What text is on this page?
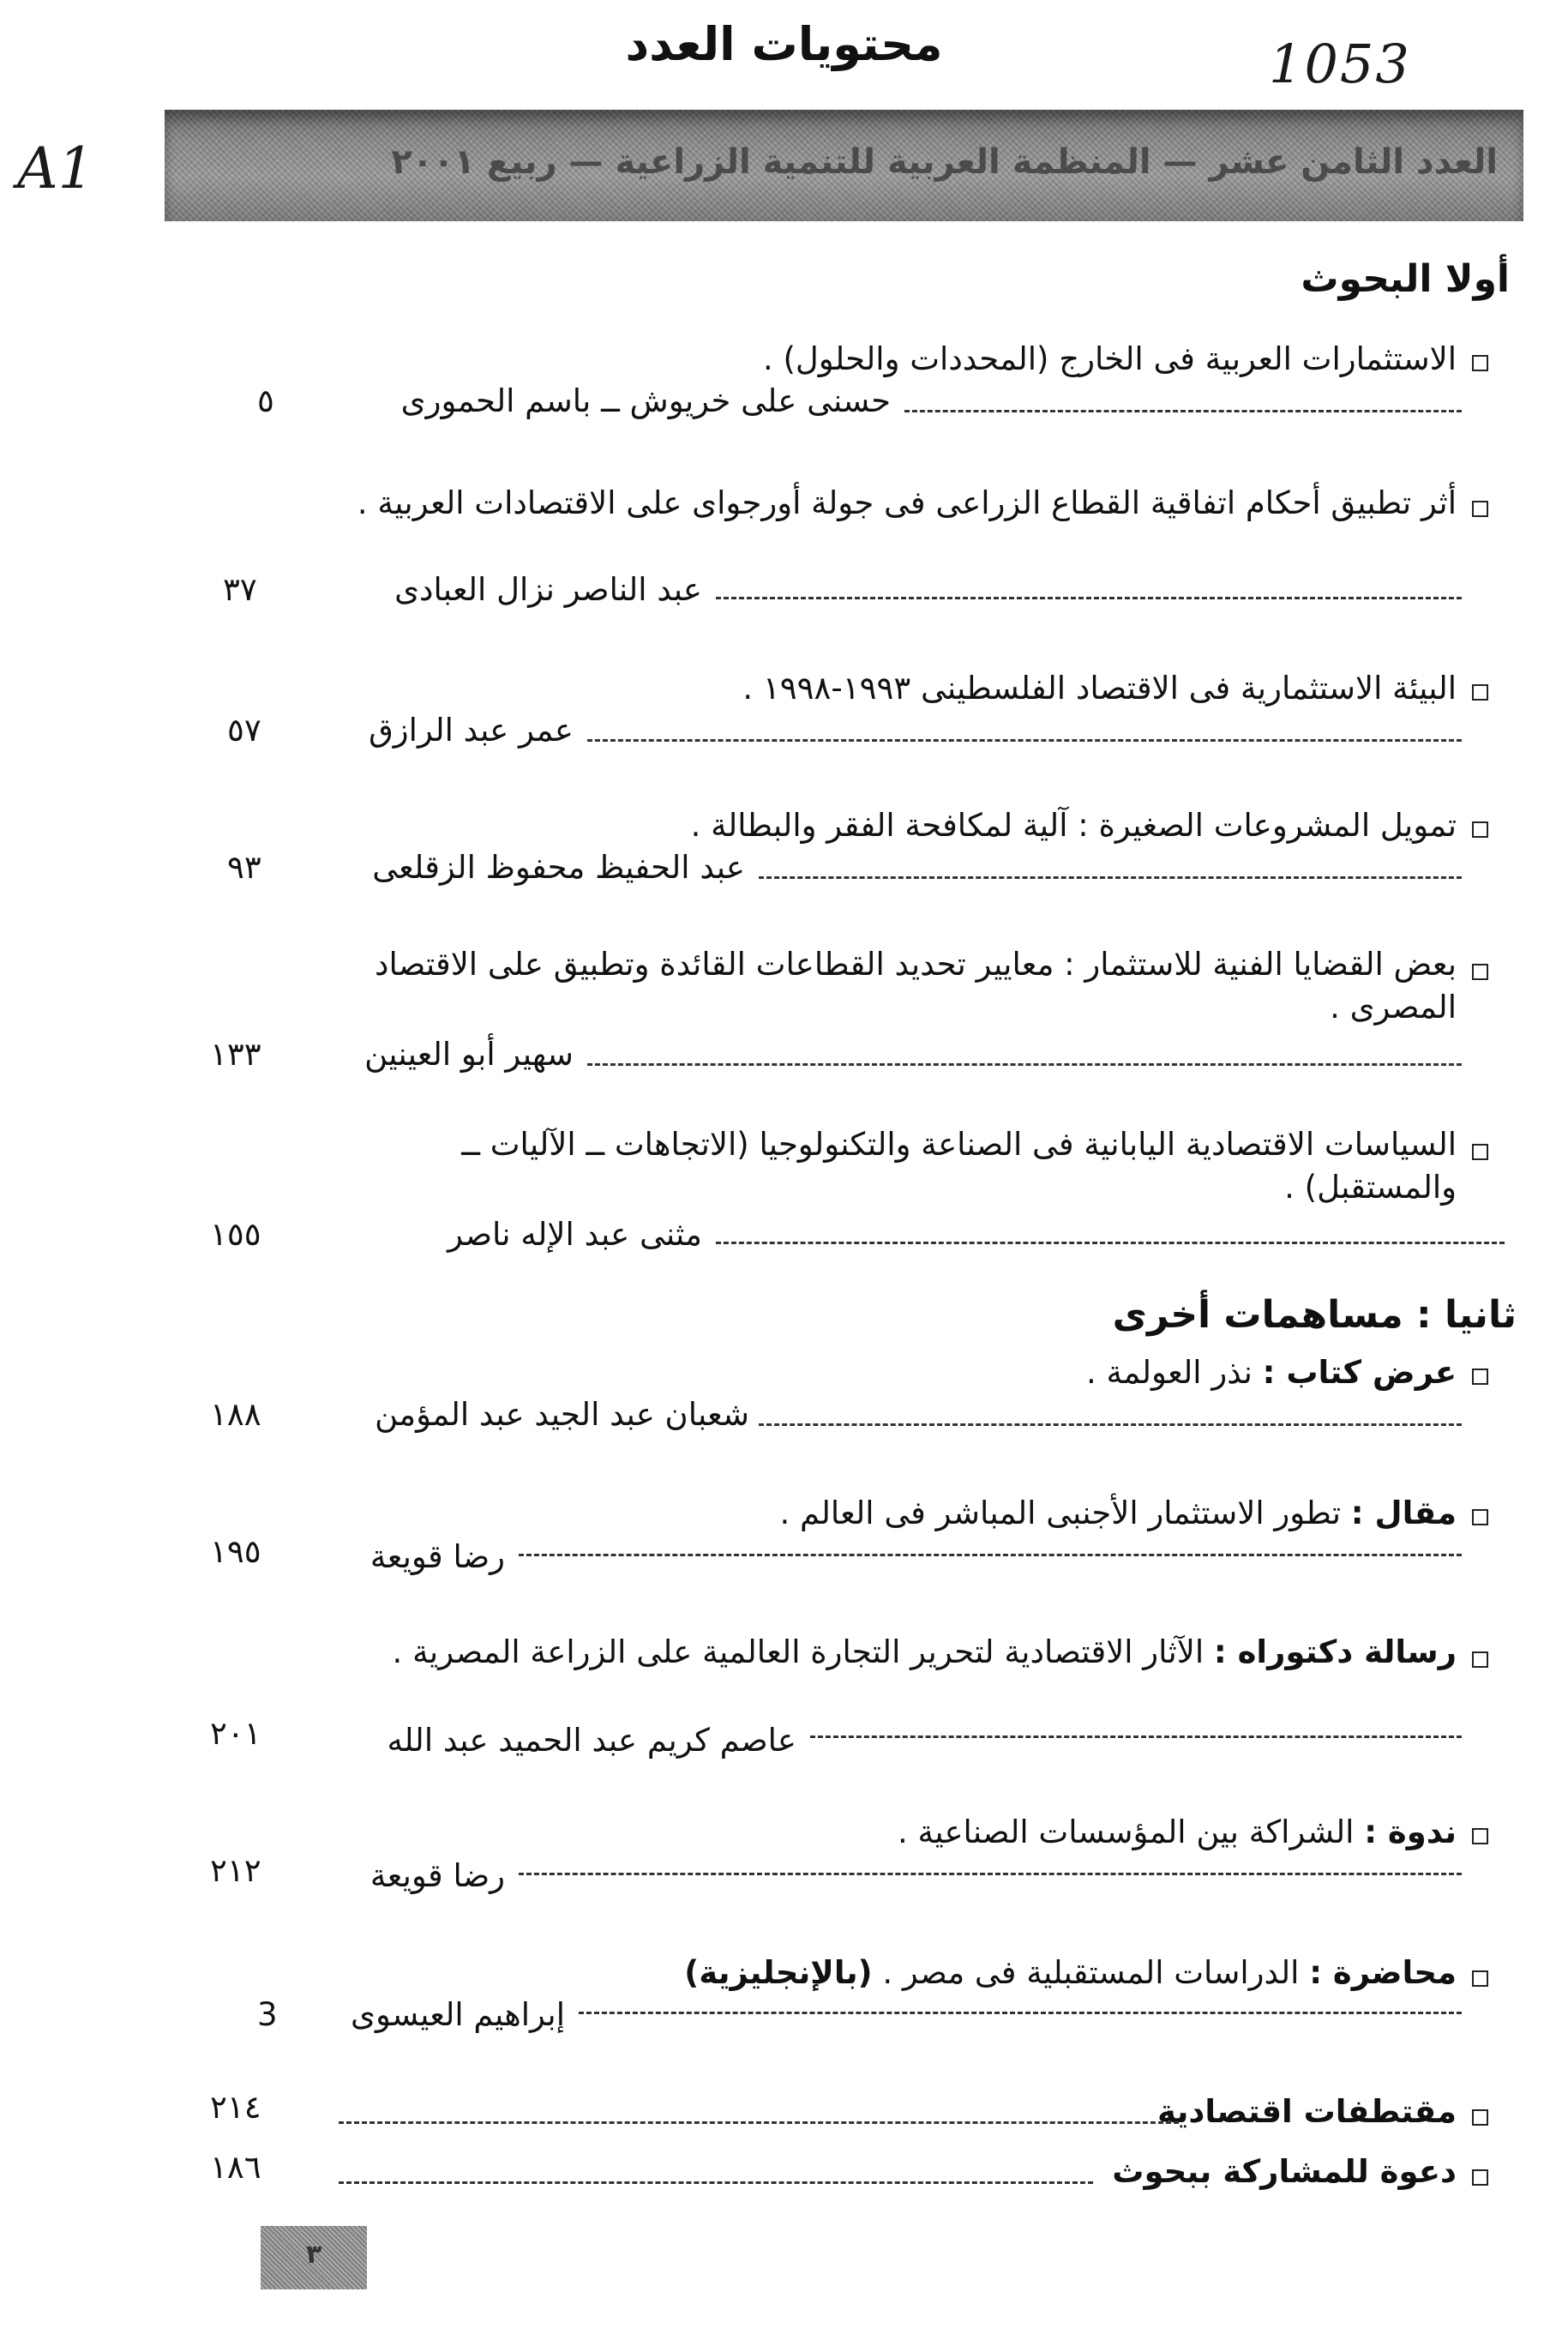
محتويات العدد	1053
A1	العدد الثامن عشر — المنظمة العربية للتنمية الزراعية — ربيع ٢٠٠١
أولا البحوث
الاستثمارات العربية فى الخارج (المحددات والحلول) .
حسنى على خريوش ــ باسم الحمورى
٥
أثر تطبيق أحكام اتفاقية القطاع الزراعى فى جولة أورجواى على الاقتصادات العربية .
عبد الناصر نزال العبادى
٣٧
البيئة الاستثمارية فى الاقتصاد الفلسطينى ١٩٩٣-١٩٩٨ .
عمر عبد الرازق
٥٧
تمويل المشروعات الصغيرة : آلية لمكافحة الفقر والبطالة .
عبد الحفيظ محفوظ الزقلعى
٩٣
بعض القضايا الفنية للاستثمار : معايير تحديد القطاعات القائدة وتطبيق على الاقتصاد المصرى .
سهير أبو العينين
١٣٣
السياسات الاقتصادية اليابانية فى الصناعة والتكنولوجيا (الاتجاهات ــ الآليات ــ والمستقبل) .
مثنى عبد الإله ناصر
١٥٥
ثانيا : مساهمات أخرى
عرض كتاب : نذر العولمة .
شعبان عبد الجيد عبد المؤمن
١٨٨
مقال : تطور الاستثمار الأجنبى المباشر فى العالم .
رضا قويعة
١٩٥
رسالة دكتوراه : الآثار الاقتصادية لتحرير التجارة العالمية على الزراعة المصرية .
عاصم كريم عبد الحميد عبد الله
٢٠١
ندوة : الشراكة بين المؤسسات الصناعية .
رضا قويعة
٢١٢
محاضرة : الدراسات المستقبلية فى مصر . (بالإنجليزية)
إبراهيم العيسوى
3
مقتطفات اقتصادية
٢١٤
دعوة للمشاركة ببحوث
١٨٦
٣
